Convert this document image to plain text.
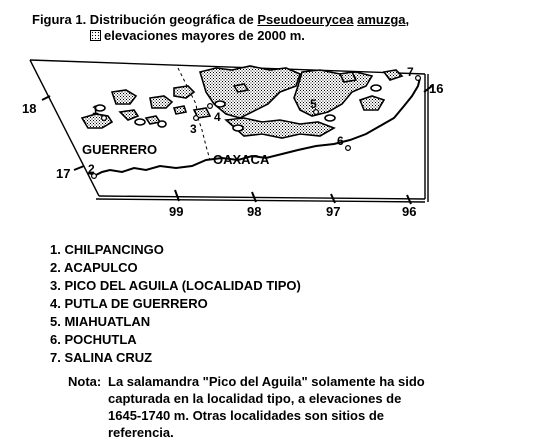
Figura 1. Distribución geográfica de Pseudoeurycea amuzga,
elevaciones mayores de 2000 m.
1
2
3
4
5
6
7
GUERRERO
OAXACA
18
17
16
99	98	97	96
1. CHILPANCINGO
2. ACAPULCO
3. PICO DEL AGUILA (LOCALIDAD TIPO)
4. PUTLA DE GUERRERO
5. MIAHUATLAN
6. POCHUTLA
7. SALINA CRUZ
Nota: La salamandra "Pico del Aguila" solamente ha sido
capturada en la localidad tipo, a elevaciones de
1645-1740 m. Otras localidades son sitios de
referencia.
